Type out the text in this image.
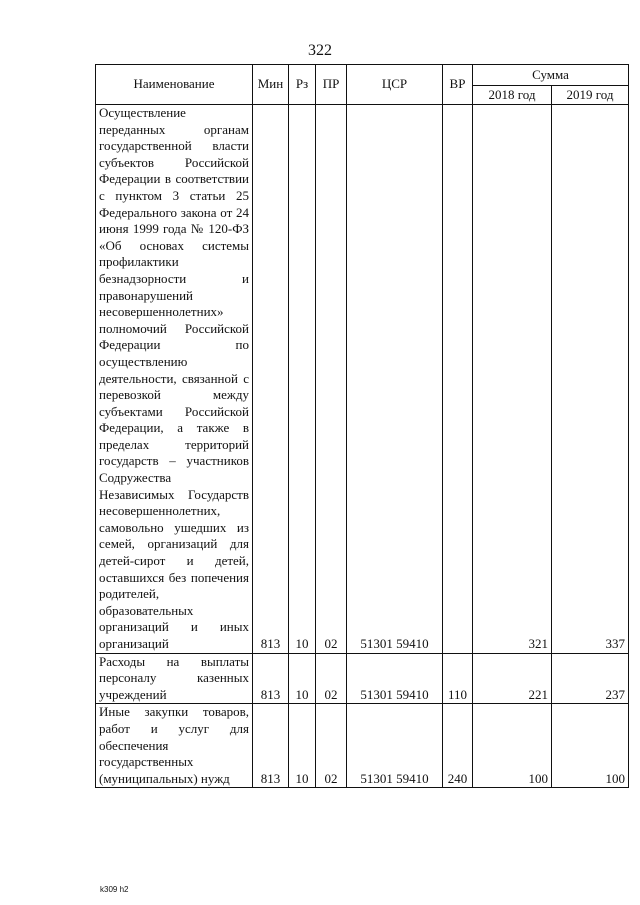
322
Наименование	Мин	Рз	ПР	ЦСР	ВР	Сумма	
						2018 год	2019 год
Осуществление переданных органам государственной власти субъектов Российской Федерации в соответствии с пунктом 3 статьи 25 Федерального закона от 24 июня 1999 года № 120-ФЗ «Об основах системы профилактики безнадзорности и правонарушений несовершеннолетних» полномочий Российской Федерации по осуществлению деятельности, связанной с перевозкой между субъектами Российской Федерации, а также в пределах территорий государств – участников Содружества Независимых Государств несовершеннолетних, самовольно ушедших из семей, организаций для детей-сирот и детей, оставшихся без попечения родителей, образовательных организаций и иных организаций	813	10	02	51301 59410		321	337
Расходы на выплаты персоналу казенных учреждений	813	10	02	51301 59410	110	221	237
Иные закупки товаров, работ и услуг для обеспечения государственных (муниципальных) нужд	813	10	02	51301 59410	240	100	100
k309 h2
